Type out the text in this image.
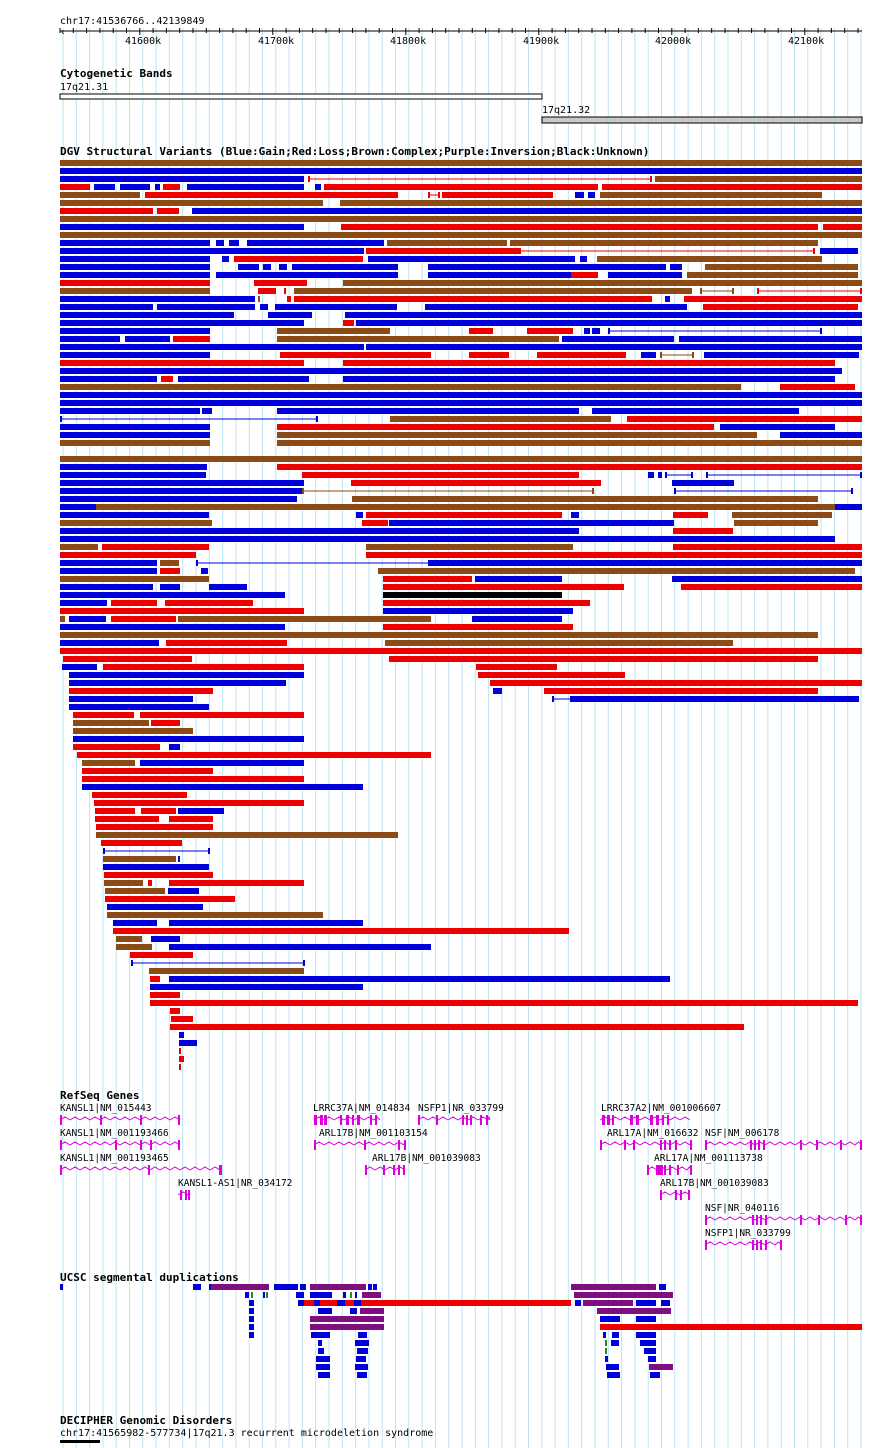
chr17:41536766..42139849
‹
41600k	41700k	41800k	41900k	42000k	42100k
Cytogenetic Bands
17q21.31
17q21.32
DGV Structural Variants (Blue:Gain;Red:Loss;Brown:Complex;Purple:Inversion;Black:Unknown)
RefSeq Genes
KANSL1|NM_015443
KANSL1|NM_001193466
KANSL1|NM_001193465
KANSL1-AS1|NR_034172
LRRC37A|NM_014834 NSFP1|NR_033799
ARL17B|NM_001103154
ARL17B|NM_001039083
LRRC37A2|NM_001006607
ARL17A|NM_016632 NSF|NM_006178
ARL17A|NM_001113738
ARL17B|NM_001039083
NSF|NR_040116
NSFP1|NR_033799
UCSC segmental duplications
DECIPHER Genomic Disorders
chr17:41565982-577734|17q21.3 recurrent microdeletion syndrome
